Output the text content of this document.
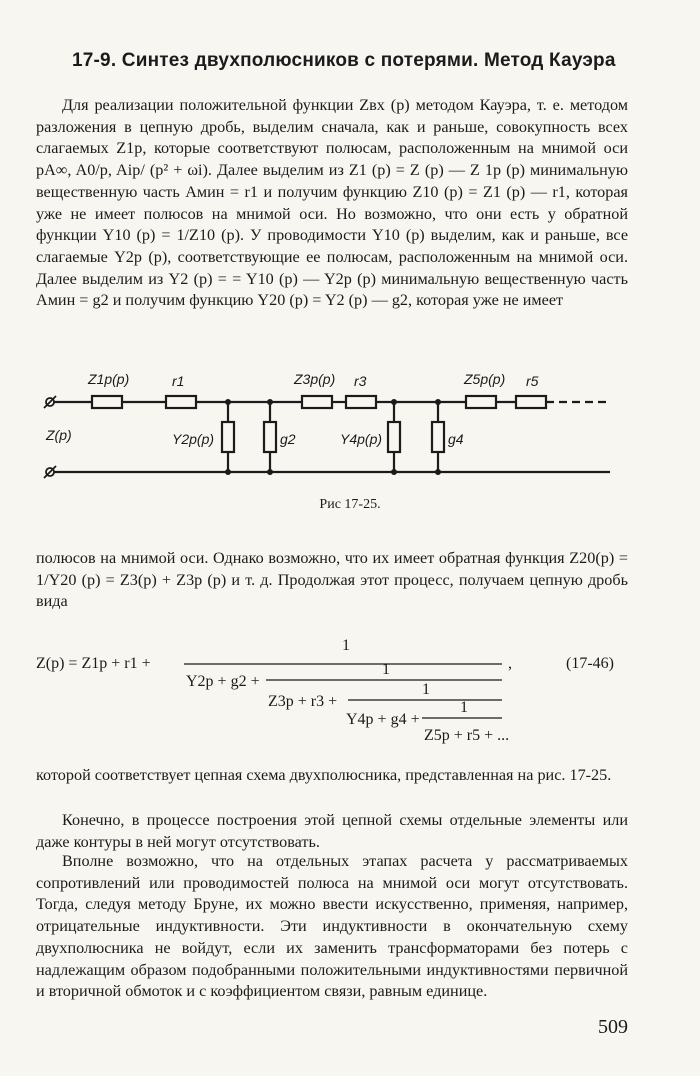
17-9. Синтез двухполюсников с потерями. Метод Кауэра

Для реализации положительной функции Zвх (p) методом Кауэра, т. е. методом разложения в цепную дробь, выделим сначала, как и раньше, совокупность всех слагаемых Z1p, которые соответствуют полюсам, расположенным на мнимой оси pA∞, A0/p, Aip/ (p² + ωi). Далее выделим из Z1 (p) = Z (p) — Z 1p (p) минимальную вещественную часть Aмин = r1 и получим функцию Z10 (p) = Z1 (p) — r1, которая уже не имеет полюсов на мнимой оси. Но возможно, что они есть у обратной функции Y10 (p) = 1/Z10 (p). У проводимости Y10 (p) выделим, как и раньше, все слагаемые Y2p (p), соответствующие ее полюсам, расположенным на мнимой оси. Далее выделим из Y2 (p) = = Y10 (p) — Y2p (p) минимальную вещественную часть Aмин = g2 и получим функцию Y20 (p) = Y2 (p) — g2, которая уже не имеет

Z1p(p)	r1	Z3p(p) r3	Z5p(p) r5
Z(p)	Y2p(p)	g2	Y4p(p)	g4
Рис 17-25.

полюсов на мнимой оси. Однако возможно, что их имеет обратная функция Z20(p) = 1/Y20 (p) = Z3(p) + Z3p (p) и т. д. Продолжая этот процесс, получаем цепную дробь вида

Z(p) = Z1p + r1 +
1
Y2p + g2 +
1
Z3p + r3 +
1
Y4p + g4 +
1
Z5p + r5 + ...
,	(17-46)

которой соответствует цепная схема двухполюсника, представленная на рис. 17-25.

Конечно, в процессе построения этой цепной схемы отдельные элементы или даже контуры в ней могут отсутствовать.

Вполне возможно, что на отдельных этапах расчета у рассматриваемых сопротивлений или проводимостей полюса на мнимой оси могут отсутствовать. Тогда, следуя методу Бруне, их можно ввести искусственно, применяя, например, отрицательные индуктивности. Эти индуктивности в окончательную схему двухполюсника не войдут, если их заменить трансформаторами без потерь с надлежащим образом подобранными положительными индуктивностями первичной и вторичной обмоток и с коэффициентом связи, равным единице.

509
